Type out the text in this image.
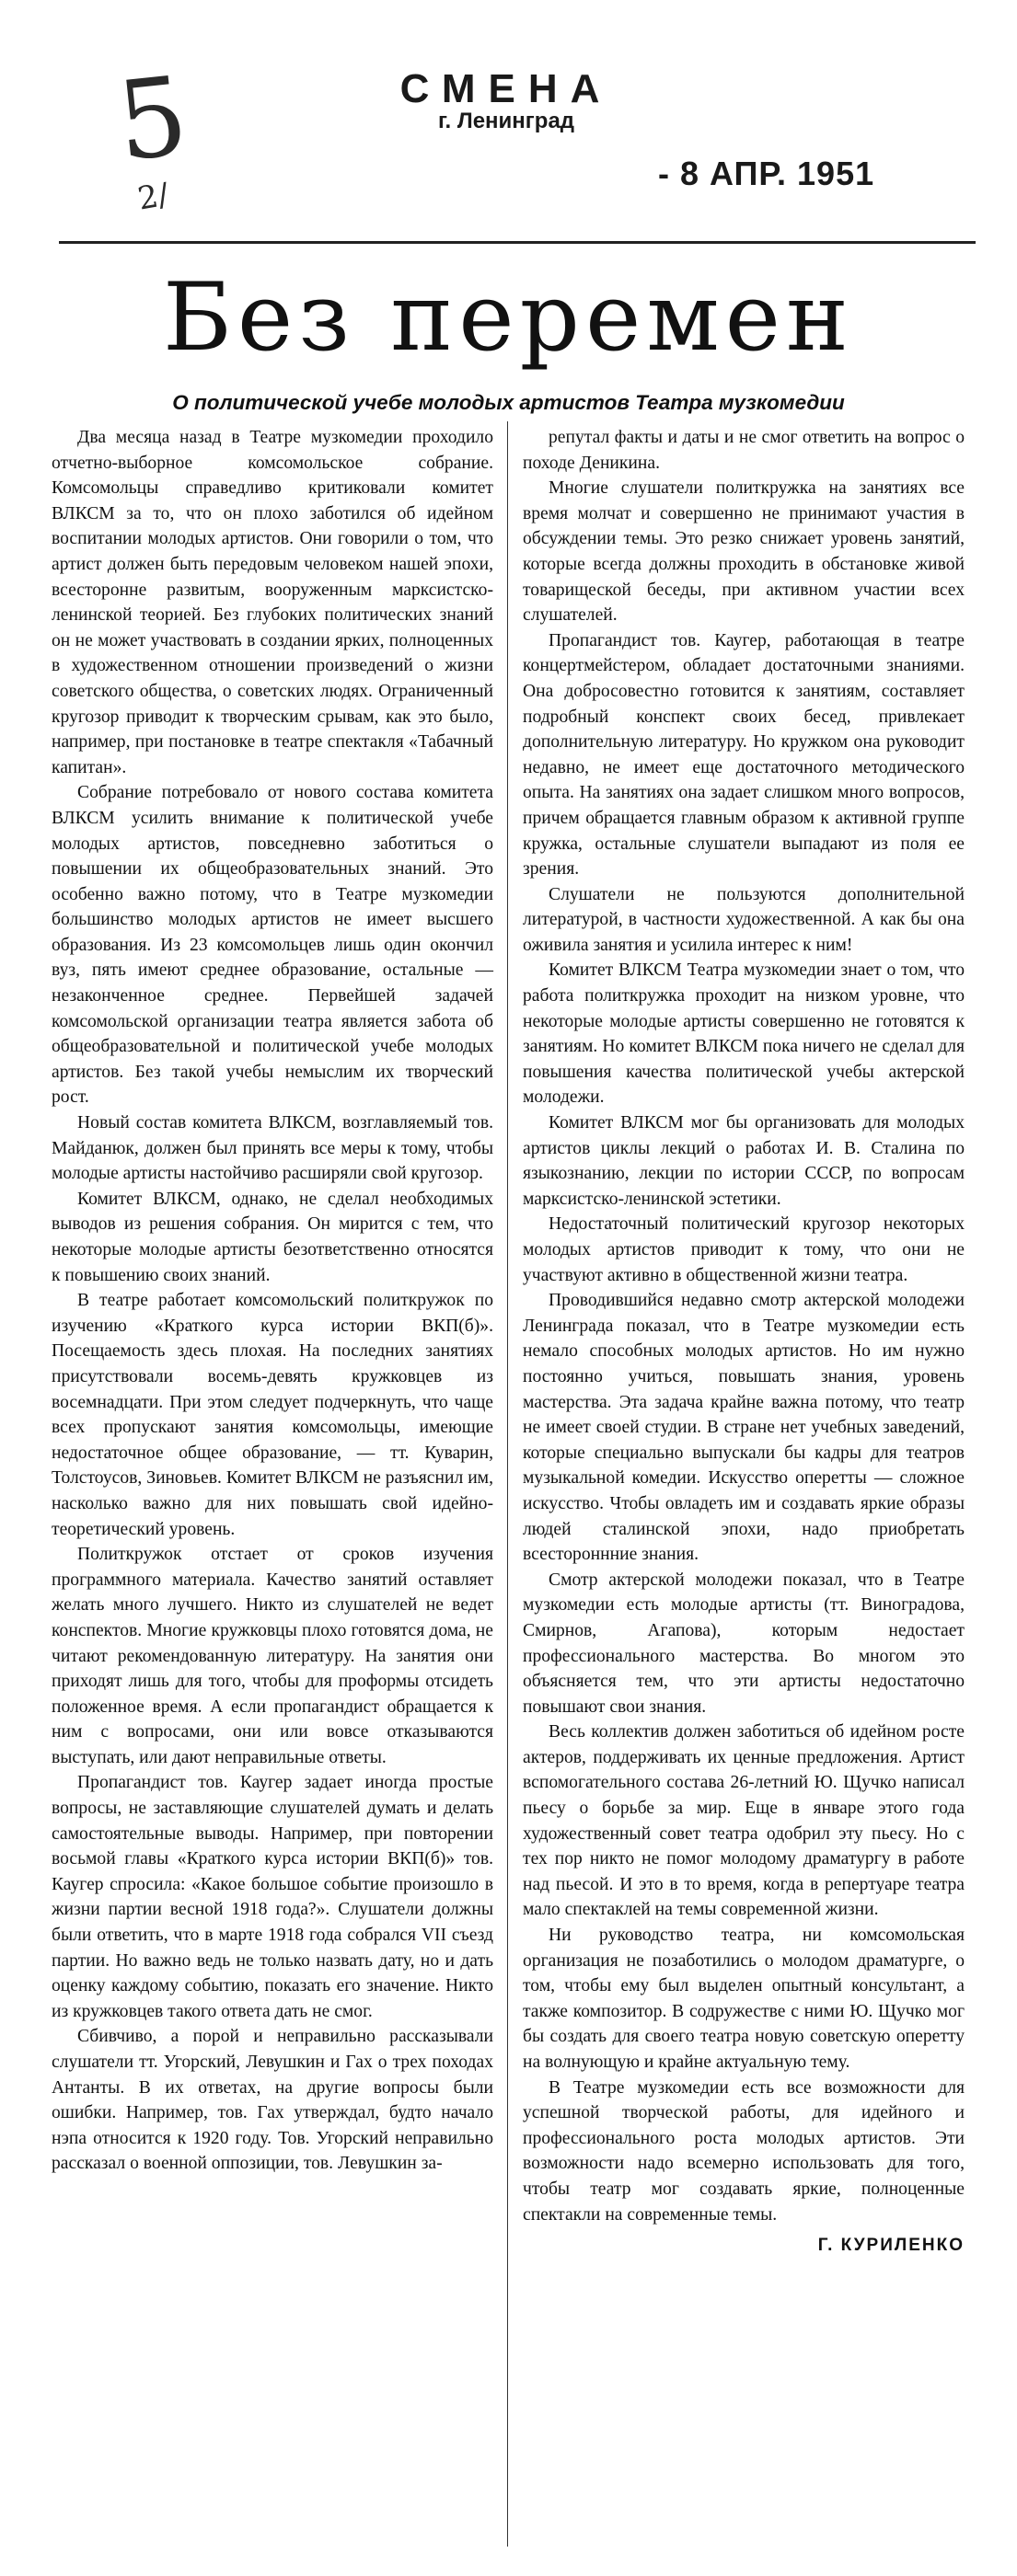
5
2/
СМЕНА
г. Ленинград
- 8 АПР. 1951
Без перемен
О политической учебе молодых артистов Театра музкомедии

Два месяца назад в Театре музкомедии проходило отчетно-выборное комсомольское собрание. Комсомольцы справедливо критиковали комитет ВЛКСМ за то, что он плохо заботился об идейном воспитании молодых артистов. Они говорили о том, что артист должен быть передовым человеком нашей эпохи, всесторонне развитым, вооруженным марксистско-ленинской теорией. Без глубоких политических знаний он не может участвовать в создании ярких, полноценных в художественном отношении произведений о жизни советского общества, о советских людях. Ограниченный кругозор приводит к творческим срывам, как это было, например, при постановке в театре спектакля «Табачный капитан».

Собрание потребовало от нового состава комитета ВЛКСМ усилить внимание к политической учебе молодых артистов, повседневно заботиться о повышении их общеобразовательных знаний. Это особенно важно потому, что в Театре музкомедии большинство молодых артистов не имеет высшего образования. Из 23 комсомольцев лишь один окончил вуз, пять имеют среднее образование, остальные — незаконченное среднее. Первейшей задачей комсомольской организации театра является забота об общеобразовательной и политической учебе молодых артистов. Без такой учебы немыслим их творческий рост.

Новый состав комитета ВЛКСМ, возглавляемый тов. Майданюк, должен был принять все меры к тому, чтобы молодые артисты настойчиво расширяли свой кругозор.

Комитет ВЛКСМ, однако, не сделал необходимых выводов из решения собрания. Он мирится с тем, что некоторые молодые артисты безответственно относятся к повышению своих знаний.

В театре работает комсомольский политкружок по изучению «Краткого курса истории ВКП(б)». Посещаемость здесь плохая. На последних занятиях присутствовали восемь-девять кружковцев из восемнадцати. При этом следует подчеркнуть, что чаще всех пропускают занятия комсомольцы, имеющие недостаточное общее образование, — тт. Куварин, Толстоусов, Зиновьев. Комитет ВЛКСМ не разъяснил им, насколько важно для них повышать свой идейно-теоретический уровень.

Политкружок отстает от сроков изучения программного материала. Качество занятий оставляет желать много лучшего. Никто из слушателей не ведет конспектов. Многие кружковцы плохо готовятся дома, не читают рекомендованную литературу. На занятия они приходят лишь для того, чтобы для проформы отсидеть положенное время. А если пропагандист обращается к ним с вопросами, они или вовсе отказываются выступать, или дают неправильные ответы.

Пропагандист тов. Каугер задает иногда простые вопросы, не заставляющие слушателей думать и делать самостоятельные выводы. Например, при повторении восьмой главы «Краткого курса истории ВКП(б)» тов. Каугер спросила: «Какое большое событие произошло в жизни партии весной 1918 года?». Слушатели должны были ответить, что в марте 1918 года собрался VII съезд партии. Но важно ведь не только назвать дату, но и дать оценку каждому событию, показать его значение. Никто из кружковцев такого ответа дать не смог.

Сбивчиво, а порой и неправильно рассказывали слушатели тт. Угорский, Левушкин и Гах о трех походах Антанты. В их ответах, на другие вопросы были ошибки. Например, тов. Гах утверждал, будто начало нэпа относится к 1920 году. Тов. Угорский неправильно рассказал о военной оппозиции, тов. Левушкин за-

репутал факты и даты и не смог ответить на вопрос о походе Деникина.

Многие слушатели политкружка на занятиях все время молчат и совершенно не принимают участия в обсуждении темы. Это резко снижает уровень занятий, которые всегда должны проходить в обстановке живой товарищеской беседы, при активном участии всех слушателей.

Пропагандист тов. Каугер, работающая в театре концертмейстером, обладает достаточными знаниями. Она добросовестно готовится к занятиям, составляет подробный конспект своих бесед, привлекает дополнительную литературу. Но кружком она руководит недавно, не имеет еще достаточного методического опыта. На занятиях она задает слишком много вопросов, причем обращается главным образом к активной группе кружка, остальные слушатели выпадают из поля ее зрения.

Слушатели не пользуются дополнительной литературой, в частности художественной. А как бы она оживила занятия и усилила интерес к ним!

Комитет ВЛКСМ Театра музкомедии знает о том, что работа политкружка проходит на низком уровне, что некоторые молодые артисты совершенно не готовятся к занятиям. Но комитет ВЛКСМ пока ничего не сделал для повышения качества политической учебы актерской молодежи.

Комитет ВЛКСМ мог бы организовать для молодых артистов циклы лекций о работах И. В. Сталина по языкознанию, лекции по истории СССР, по вопросам марксистско-ленинской эстетики.

Недостаточный политический кругозор некоторых молодых артистов приводит к тому, что они не участвуют активно в общественной жизни театра.

Проводившийся недавно смотр актерской молодежи Ленинграда показал, что в Театре музкомедии есть немало способных молодых артистов. Но им нужно постоянно учиться, повышать знания, уровень мастерства. Эта задача крайне важна потому, что театр не имеет своей студии. В стране нет учебных заведений, которые специально выпускали бы кадры для театров музыкальной комедии. Искусство оперетты — сложное искусство. Чтобы овладеть им и создавать яркие образы людей сталинской эпохи, надо приобретать всестороннние знания.

Смотр актерской молодежи показал, что в Театре музкомедии есть молодые артисты (тт. Виноградова, Смирнов, Агапова), которым недостает профессионального мастерства. Во многом это объясняется тем, что эти артисты недостаточно повышают свои знания.

Весь коллектив должен заботиться об идейном росте актеров, поддерживать их ценные предложения. Артист вспомогательного состава 26-летний Ю. Щучко написал пьесу о борьбе за мир. Еще в январе этого года художественный совет театра одобрил эту пьесу. Но с тех пор никто не помог молодому драматургу в работе над пьесой. И это в то время, когда в репертуаре театра мало спектаклей на темы современной жизни.

Ни руководство театра, ни комсомольская организация не позаботились о молодом драматурге, о том, чтобы ему был выделен опытный консультант, а также композитор. В содружестве с ними Ю. Щучко мог бы создать для своего театра новую советскую оперетту на волнующую и крайне актуальную тему.

В Театре музкомедии есть все возможности для успешной творческой работы, для идейного и профессионального роста молодых артистов. Эти возможности надо всемерно использовать для того, чтобы театр мог создавать яркие, полноценные спектакли на современные темы.

Г. КУРИЛЕНКО
